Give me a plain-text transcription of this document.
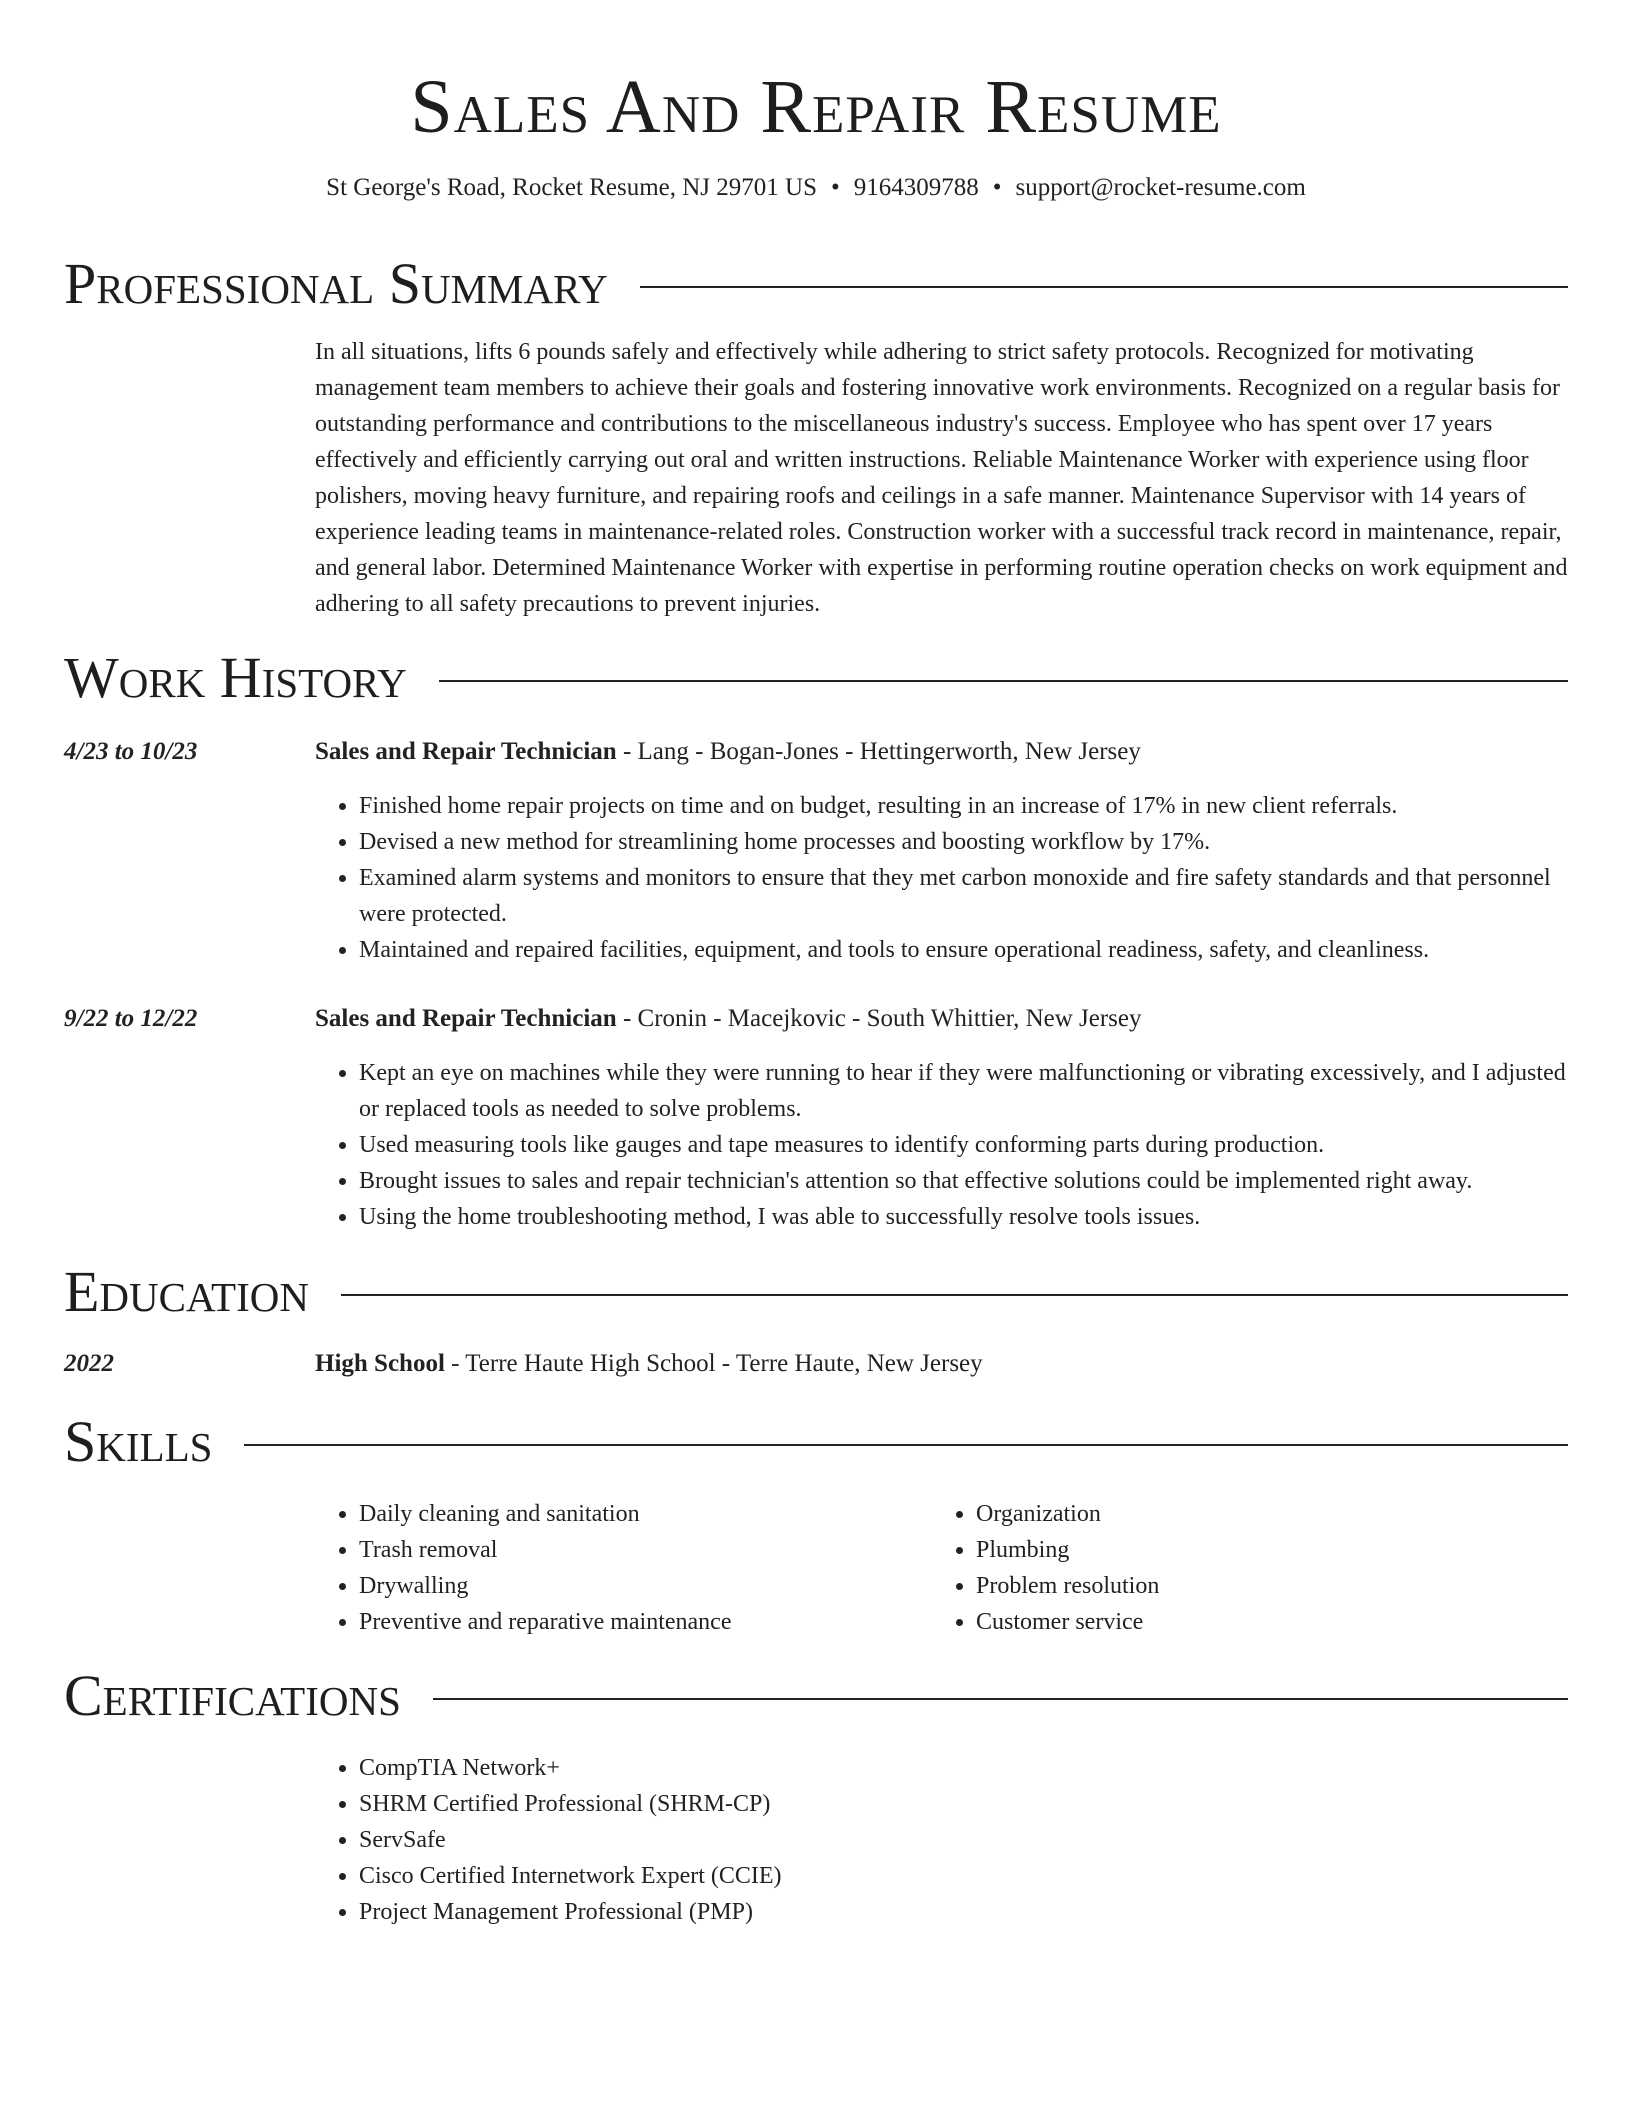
Sales And Repair Resume
St George's Road, Rocket Resume, NJ 29701 US • 9164309788 • support@rocket-resume.com
Professional Summary
In all situations, lifts 6 pounds safely and effectively while adhering to strict safety protocols. Recognized for motivating management team members to achieve their goals and fostering innovative work environments. Recognized on a regular basis for outstanding performance and contributions to the miscellaneous industry's success. Employee who has spent over 17 years effectively and efficiently carrying out oral and written instructions. Reliable Maintenance Worker with experience using floor polishers, moving heavy furniture, and repairing roofs and ceilings in a safe manner. Maintenance Supervisor with 14 years of experience leading teams in maintenance-related roles. Construction worker with a successful track record in maintenance, repair, and general labor. Determined Maintenance Worker with expertise in performing routine operation checks on work equipment and adhering to all safety precautions to prevent injuries.
Work History
4/23 to 10/23	Sales and Repair Technician - Lang - Bogan-Jones - Hettingerworth, New Jersey
• Finished home repair projects on time and on budget, resulting in an increase of 17% in new client referrals.
• Devised a new method for streamlining home processes and boosting workflow by 17%.
• Examined alarm systems and monitors to ensure that they met carbon monoxide and fire safety standards and that personnel were protected.
• Maintained and repaired facilities, equipment, and tools to ensure operational readiness, safety, and cleanliness.
9/22 to 12/22	Sales and Repair Technician - Cronin - Macejkovic - South Whittier, New Jersey
• Kept an eye on machines while they were running to hear if they were malfunctioning or vibrating excessively, and I adjusted or replaced tools as needed to solve problems.
• Used measuring tools like gauges and tape measures to identify conforming parts during production.
• Brought issues to sales and repair technician's attention so that effective solutions could be implemented right away.
• Using the home troubleshooting method, I was able to successfully resolve tools issues.
Education
2022	High School - Terre Haute High School - Terre Haute, New Jersey
Skills
• Daily cleaning and sanitation
• Trash removal
• Drywalling
• Preventive and reparative maintenance
• Organization
• Plumbing
• Problem resolution
• Customer service
Certifications
• CompTIA Network+
• SHRM Certified Professional (SHRM-CP)
• ServSafe
• Cisco Certified Internetwork Expert (CCIE)
• Project Management Professional (PMP)
